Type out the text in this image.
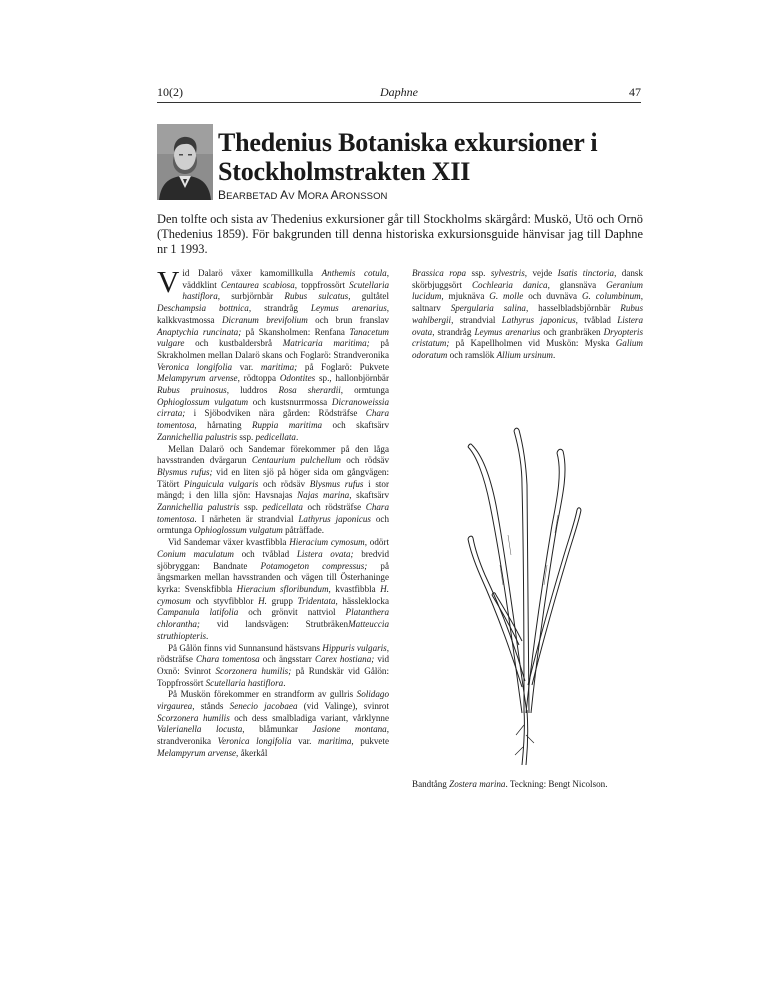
10(2)	Daphne	47
Thedenius Botaniska exkursioner i Stockholmstrakten XII
BEARBETAD AV MORA ARONSSON

Den tolfte och sista av Thedenius exkursioner går till Stockholms skärgård: Muskö, Utö och Ornö (Thedenius 1859). För bakgrunden till denna historiska exkursionsguide hänvisar jag till Daphne nr 1 1993.

Vid Dalarö växer kamomillkulla Anthemis cotula, väddklint Centaurea scabiosa, toppfrossört Scutellaria hastiflora, surbjörnbär Rubus sulcatus, gultåtel Deschampsia bottnica, strandråg Leymus arenarius, kalkkvastmossa Dicranum brevifolium och brun franslav Anaptychia runcinata; på Skansholmen: Renfana Tanacetum vulgare och kustbaldersbrå Matricaria maritima; på Skrakholmen mellan Dalarö skans och Foglarö: Strandveronika Veronica longifolia var. maritima; på Foglarö: Pukvete Melampyrum arvense, rödtoppa Odontites sp., hallonbjörnbär Rubus pruinosus, luddros Rosa sherardii, ormtunga Ophioglossum vulgatum och kustsnurrmossa Dicranoweissia cirrata; i Sjöbodviken nära gården: Rödsträfse Chara tomentosa, hårnating Ruppia maritima och skaftsärv Zannichellia palustris ssp. pedicellata.

Mellan Dalarö och Sandemar förekommer på den låga havsstranden dvärgarun Centaurium pulchellum och rödsäv Blysmus rufus; vid en liten sjö på höger sida om gångvägen: Tätört Pinguicula vulgaris och rödsäv Blysmus rufus i stor mängd; i den lilla sjön: Havsnajas Najas marina, skaftsärv Zannichellia palustris ssp. pedicellata och rödsträfse Chara tomentosa. I närheten är strandvial Lathyrus japonicus och ormtunga Ophioglossum vulgatum påträffade.

Vid Sandemar växer kvastfibbla Hieracium cymosum, odört Conium maculatum och tvåblad Listera ovata; bredvid sjöbryggan: Bandnate Potamogeton compressus; på ängsmarken mellan havsstranden och vägen till Österhaninge kyrka: Svenskfibbla Hieracium sfloribundum, kvastfibbla H. cymosum och styvfibblor H. grupp Tridentata, hässleklocka Campanula latifolia och grönvit nattviol Platanthera chlorantha; vid landsvägen: StrutbräkenMatteuccia struthiopteris.

På Gålön finns vid Sunnansund hästsvans Hippuris vulgaris, rödsträfse Chara tomentosa och ängsstarr Carex hostiana; vid Oxnö: Svinrot Scorzonera humilis; på Rundskär vid Gålön: Toppfrossört Scutellaria hastiflora.

På Muskön förekommer en strandform av gullris Solidago virgaurea, stånds Senecio jacobaea (vid Valinge), svinrot Scorzonera humilis och dess smalbladiga variant, vårklynne Valerianella locusta, blåmunkar Jasione montana, strandveronika Veronica longifolia var. maritima, pukvete Melampyrum arvense, åkerkål

Brassica ropa ssp. sylvestris, vejde Isatis tinctoria, dansk skörbjuggsört Cochlearia danica, glansnäva Geranium lucidum, mjuknäva G. molle och duvnäva G. columbinum, saltnarv Spergularia salina, hasselbladsbjörnbär Rubus wahlbergii, strandvial Lathyrus japonicus, tvåblad Listera ovata, strandråg Leymus arenarius och granbräken Dryopteris cristatum; på Kapellholmen vid Muskön: Myska Galium odoratum och ramslök Allium ursinum.

Bandtång Zostera marina. Teckning: Bengt Nicolson.
